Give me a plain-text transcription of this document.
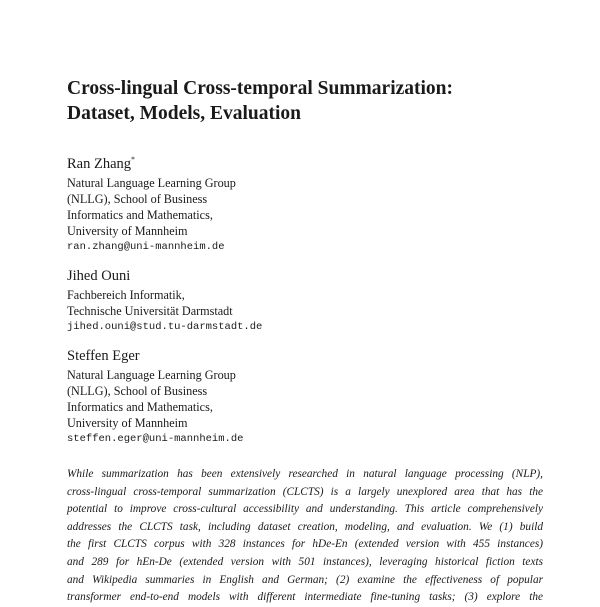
Cross-lingual Cross-temporal Summarization:
Dataset, Models, Evaluation

Ran Zhang*

Natural Language Learning Group

(NLLG), School of Business

Informatics and Mathematics,

University of Mannheim

ran.zhang@uni-mannheim.de

Jihed Ouni

Fachbereich Informatik,

Technische Universität Darmstadt

jihed.ouni@stud.tu-darmstadt.de

Steffen Eger

Natural Language Learning Group

(NLLG), School of Business

Informatics and Mathematics,

University of Mannheim

steffen.eger@uni-mannheim.de

While summarization has been extensively researched in natural language processing (NLP),
cross-lingual cross-temporal summarization (CLCTS) is a largely unexplored area that has the
potential to improve cross-cultural accessibility and understanding. This article comprehensively
addresses the CLCTS task, including dataset creation, modeling, and evaluation. We (1) build
the first CLCTS corpus with 328 instances for hDe-En (extended version with 455 instances)
and 289 for hEn-De (extended version with 501 instances), leveraging historical fiction texts
and Wikipedia summaries in English and German; (2) examine the effectiveness of popular
transformer end-to-end models with different intermediate fine-tuning tasks; (3) explore the
